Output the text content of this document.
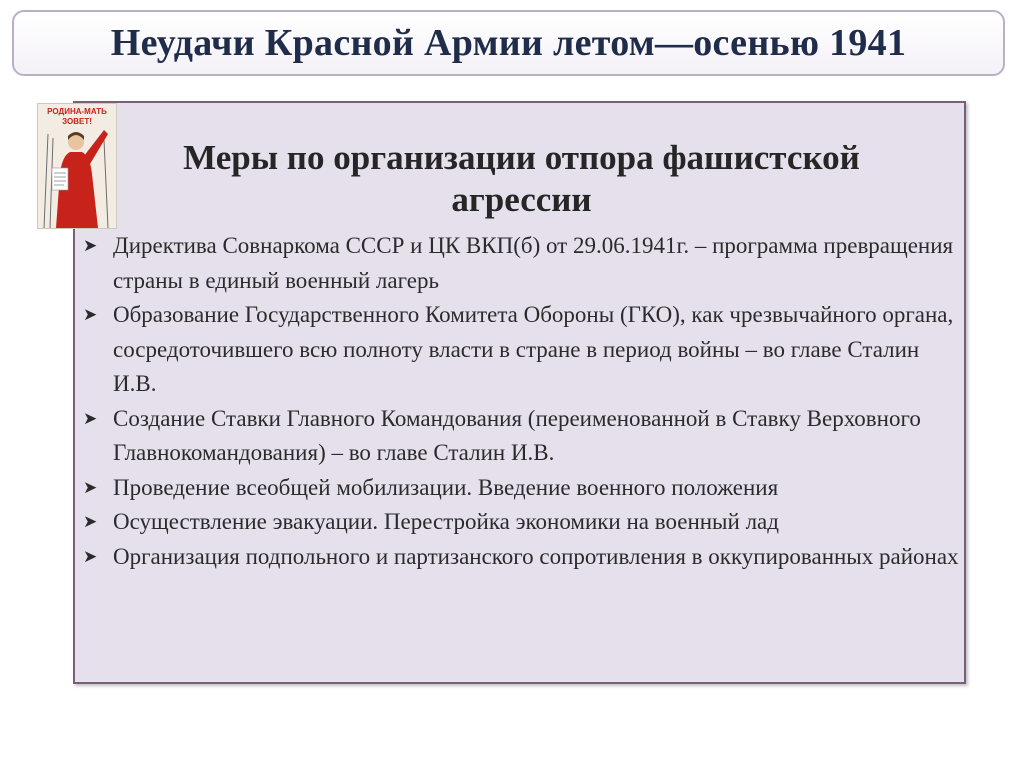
Неудачи Красной Армии летом—осенью 1941
Меры по организации отпора фашистской агрессии
➤ Директива Совнаркома СССР и ЦК ВКП(б) от 29.06.1941г. – программа превращения страны в единый военный лагерь
➤ Образование Государственного Комитета Обороны (ГКО), как чрезвычайного органа, сосредоточившего всю полноту власти в стране в период войны – во главе Сталин И.В.
➤ Создание Ставки Главного Командования (переименованной в Ставку Верховного Главнокомандования) – во главе Сталин И.В.
➤ Проведение всеобщей мобилизации. Введение военного положения
➤ Осуществление эвакуации. Перестройка экономики на военный лад
➤ Организация подпольного и партизанского сопротивления в оккупированных районах
РОДИНА-МАТЬ
ЗОВЕТ!
